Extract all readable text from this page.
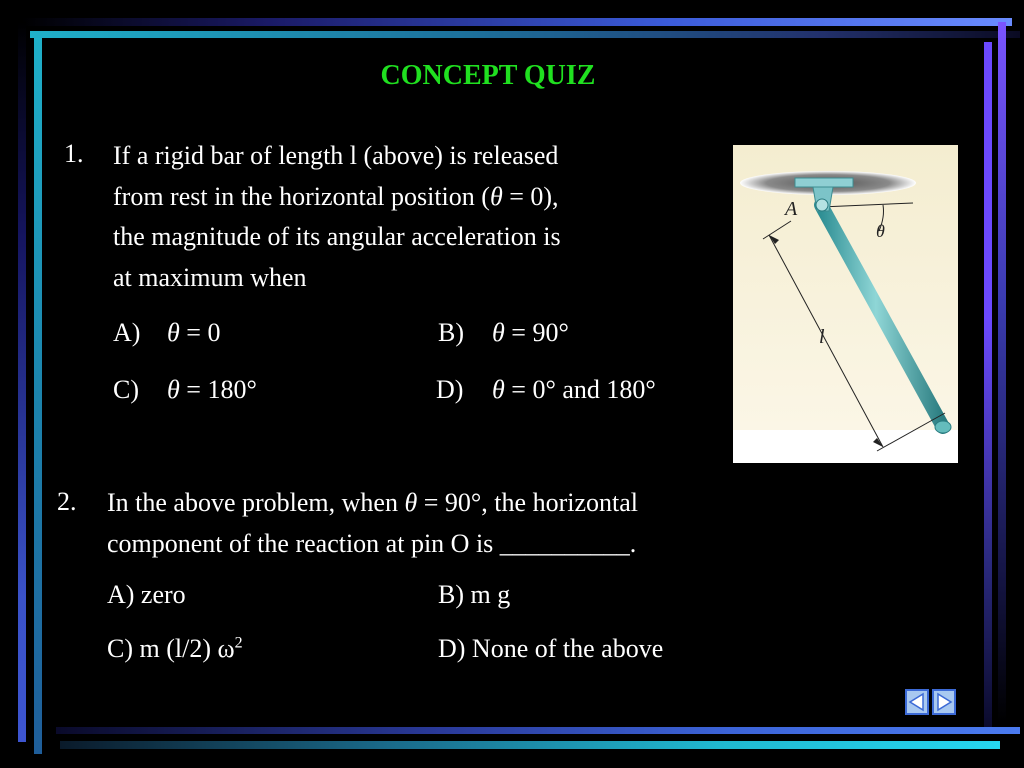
CONCEPT QUIZ
1. If a rigid bar of length l (above) is released
from rest in the horizontal position (θ = 0),
the magnitude of its angular acceleration is
at maximum when
A) θ = 0	B) θ = 90°
C) θ = 180°	D) θ = 0° and 180°
A
θ
l
2. In the above problem, when θ = 90°, the horizontal
component of the reaction at pin O is __________.
A) zero	B) m g
C) m (l/2) $\omega^2$	D) None of the above
